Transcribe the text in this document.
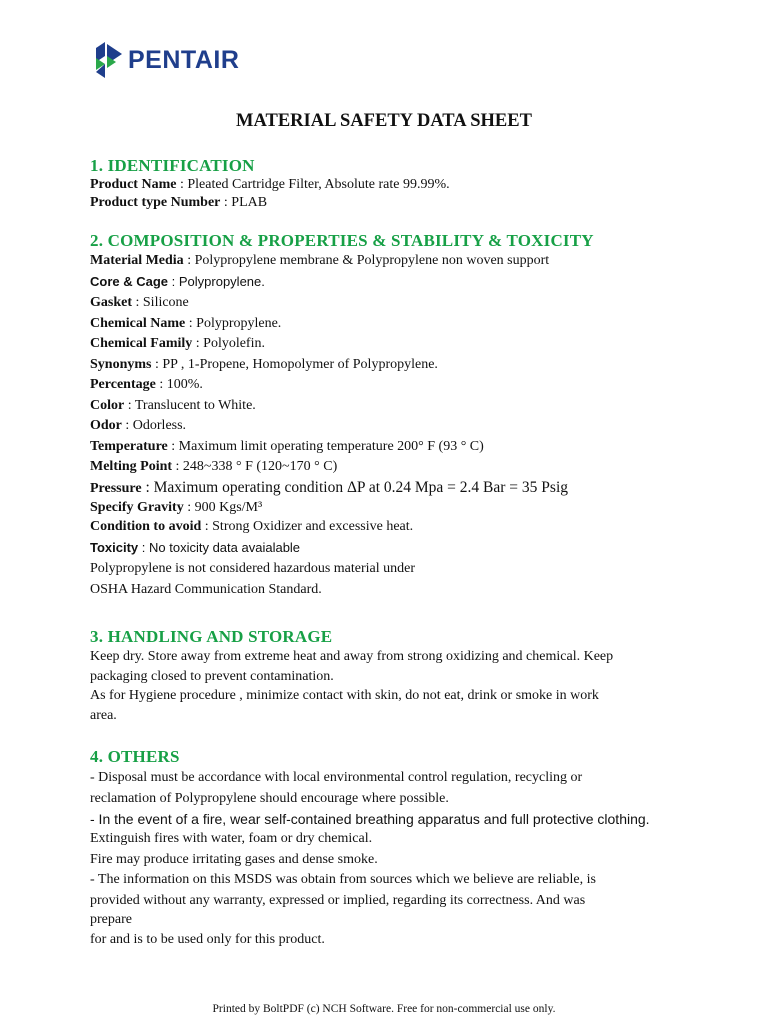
PENTAIR
MATERIAL SAFETY DATA SHEET
1. IDENTIFICATION
Product Name : Pleated Cartridge Filter, Absolute rate 99.99%.
Product type Number : PLAB
2. COMPOSITION & PROPERTIES & STABILITY & TOXICITY
Material Media : Polypropylene membrane & Polypropylene non woven support
Core & Cage : Polypropylene.
Gasket : Silicone
Chemical Name : Polypropylene.
Chemical Family : Polyolefin.
Synonyms : PP , 1-Propene, Homopolymer of Polypropylene.
Percentage : 100%.
Color : Translucent to White.
Odor : Odorless.
Temperature : Maximum limit operating temperature 200° F (93 ° C)
Melting Point : 248~338 ° F (120~170 ° C)
Pressure : Maximum operating condition ΔP at 0.24 Mpa = 2.4 Bar = 35 Psig
Specify Gravity : 900 Kgs/M³
Condition to avoid : Strong Oxidizer and excessive heat.
Toxicity : No toxicity data avaialable
Polypropylene is not considered hazardous material under
OSHA Hazard Communication Standard.
3. HANDLING AND STORAGE
Keep dry. Store away from extreme heat and away from strong oxidizing and chemical. Keep
packaging closed to prevent contamination.
As for Hygiene procedure , minimize contact with skin, do not eat, drink or smoke in work
area.
4. OTHERS
- Disposal must be accordance with local environmental control regulation, recycling or
reclamation of Polypropylene should encourage where possible.
- In the event of a fire, wear self-contained breathing apparatus and full protective clothing.
Extinguish fires with water, foam or dry chemical.
Fire may produce irritating gases and dense smoke.
- The information on this MSDS was obtain from sources which we believe are reliable, is
provided without any warranty, expressed or implied, regarding its correctness. And was
prepare
for and is to be used only for this product.
Printed by BoltPDF (c) NCH Software. Free for non-commercial use only.
